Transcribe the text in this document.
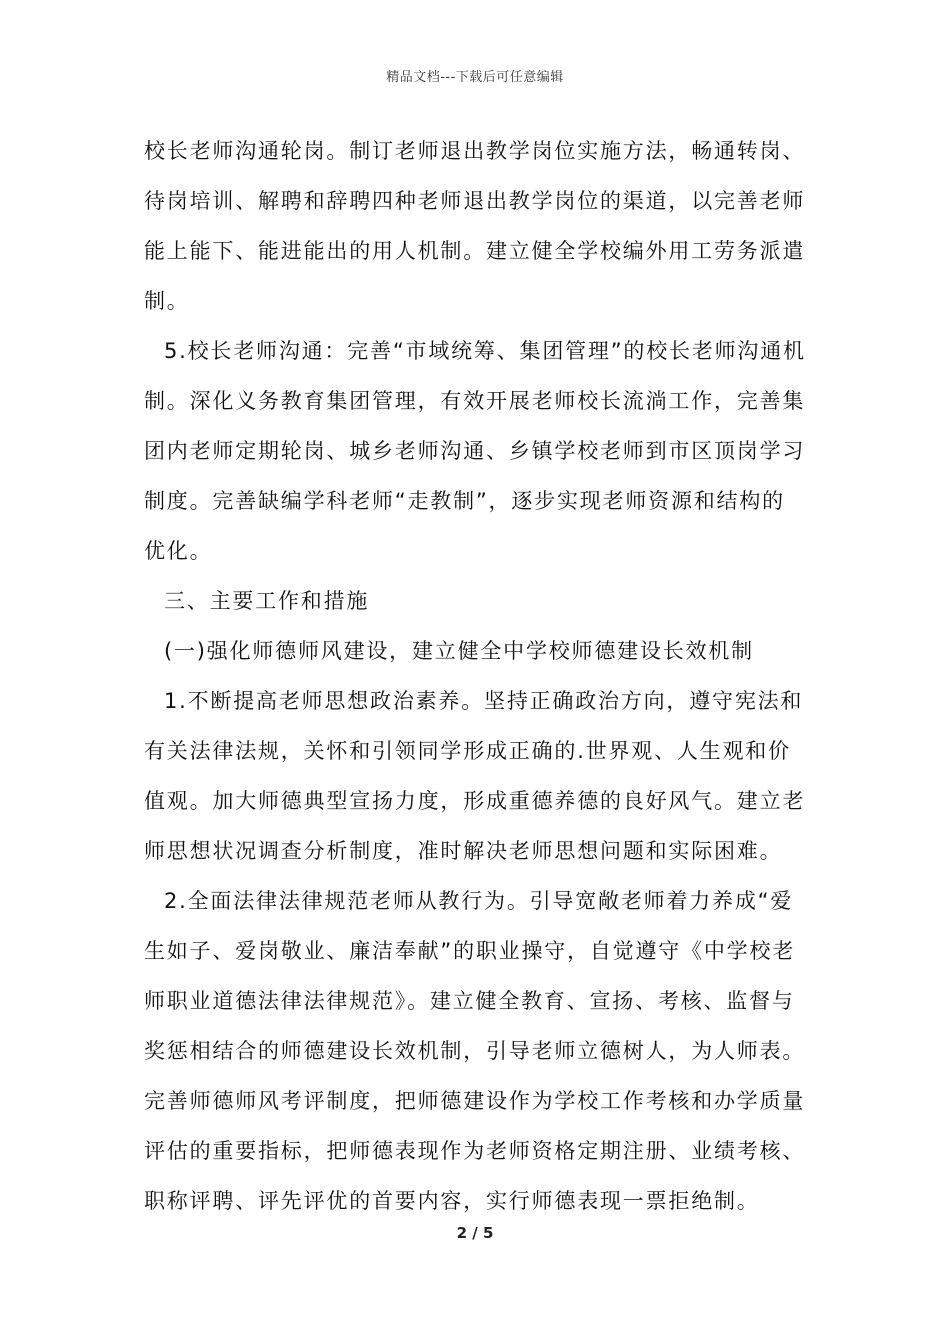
精品文档---下载后可任意编辑

校长老师沟通轮岗。制订老师退出教学岗位实施方法，畅通转岗、待岗培训、解聘和辞聘四种老师退出教学岗位的渠道，以完善老师能上能下、能进能出的用人机制。建立健全学校编外用工劳务派遣制。

5.校长老师沟通：完善“市域统筹、集团管理”的校长老师沟通机制。深化义务教育集团管理，有效开展老师校长流淌工作，完善集团内老师定期轮岗、城乡老师沟通、乡镇学校老师到市区顶岗学习制度。完善缺编学科老师“走教制”，逐步实现老师资源和结构的优化。

三、主要工作和措施

(一)强化师德师风建设，建立健全中学校师德建设长效机制

1.不断提高老师思想政治素养。坚持正确政治方向，遵守宪法和有关法律法规，关怀和引领同学形成正确的.世界观、人生观和价值观。加大师德典型宣扬力度，形成重德养德的良好风气。建立老师思想状况调查分析制度，准时解决老师思想问题和实际困难。

2.全面法律法律规范老师从教行为。引导宽敞老师着力养成“爱生如子、爱岗敬业、廉洁奉献”的职业操守，自觉遵守《中学校老师职业道德法律法律规范》。建立健全教育、宣扬、考核、监督与奖惩相结合的师德建设长效机制，引导老师立德树人，为人师表。完善师德师风考评制度，把师德建设作为学校工作考核和办学质量评估的重要指标，把师德表现作为老师资格定期注册、业绩考核、职称评聘、评先评优的首要内容，实行师德表现一票拒绝制。

2 / 5
